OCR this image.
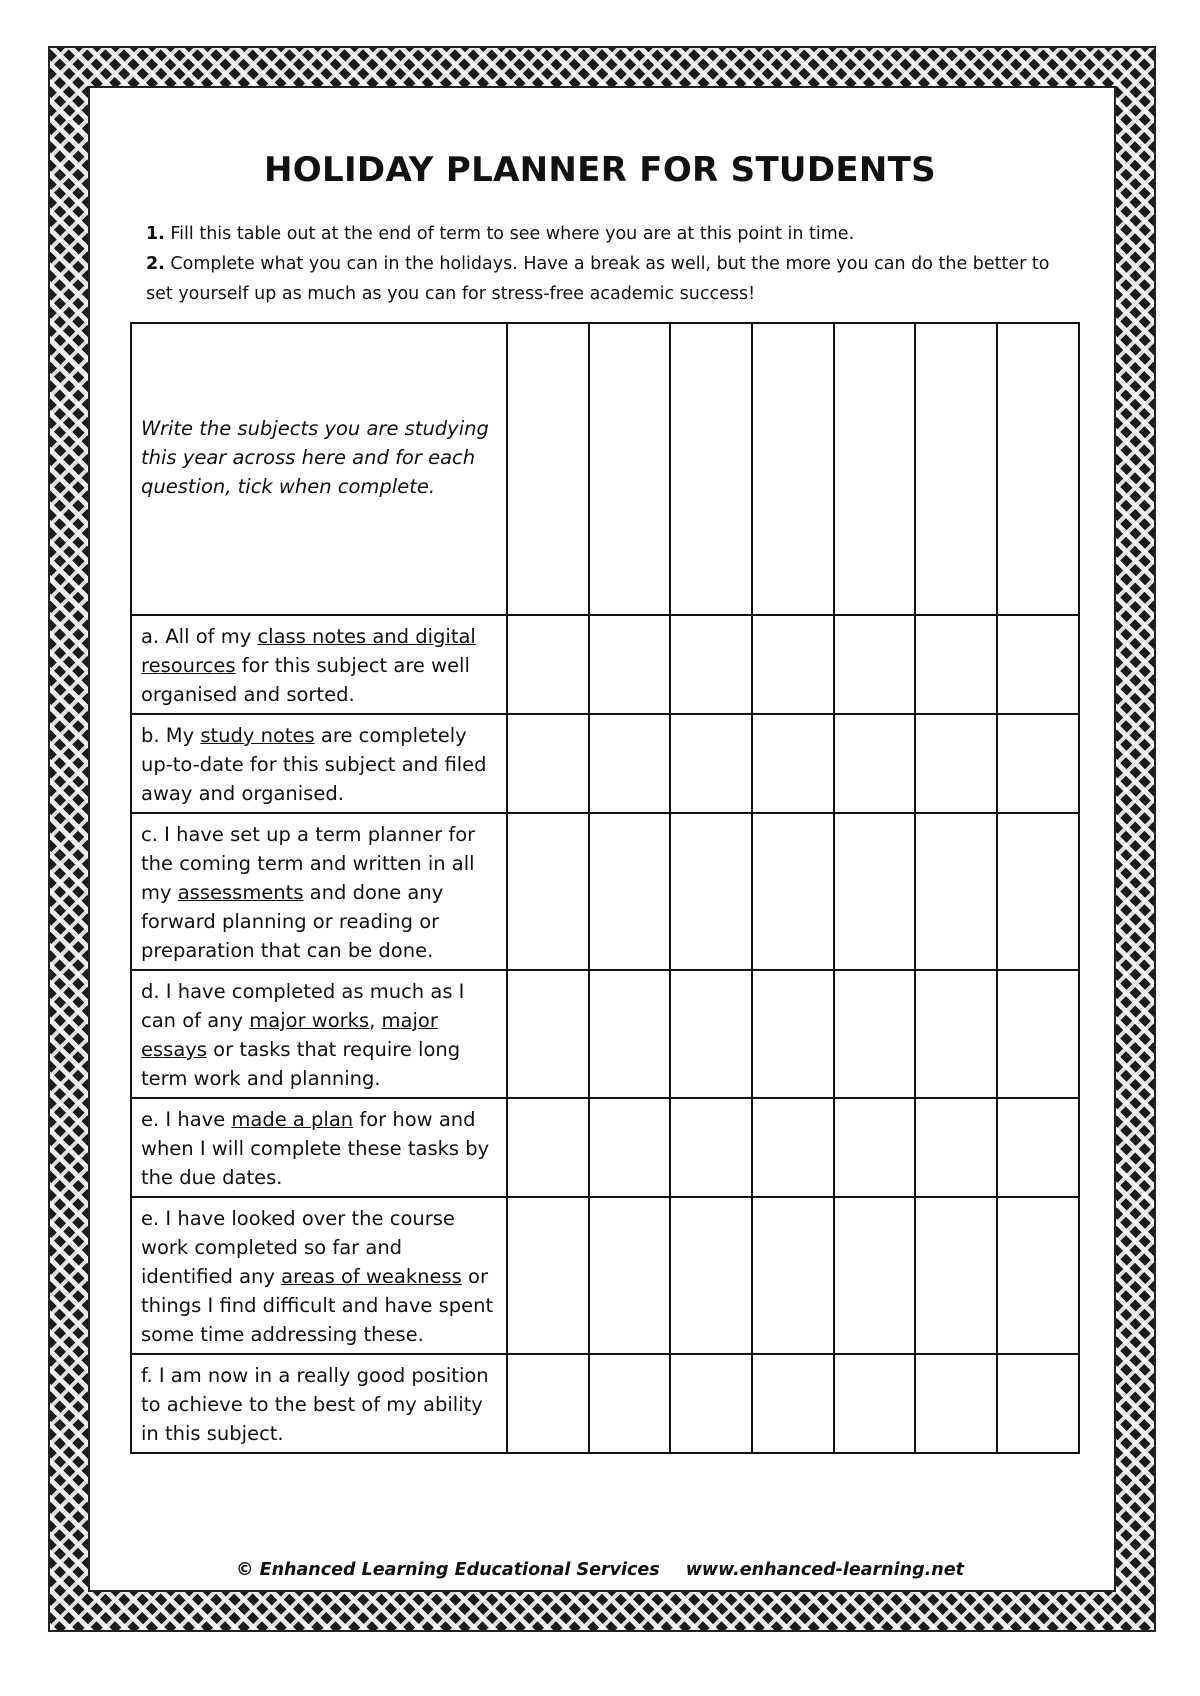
HOLIDAY PLANNER FOR STUDENTS

1. Fill this table out at the end of term to see where you are at this point in time.

2. Complete what you can in the holidays. Have a break as well, but the more you can do the better to set yourself up as much as you can for stress-free academic success!

Write the subjects you are studying this year across here and for each question, tick when complete.							
a. All of my class notes and digital resources for this subject are well organised and sorted.							
b. My study notes are completely up-to-date for this subject and filed away and organised.							
c. I have set up a term planner for the coming term and written in all my assessments and done any forward planning or reading or preparation that can be done.							
d. I have completed as much as I can of any major works, major essays or tasks that require long term work and planning.							
e. I have made a plan for how and when I will complete these tasks by the due dates.							
e. I have looked over the course work completed so far and identified any areas of weakness or things I find difficult and have spent some time addressing these.							
f. I am now in a really good position to achieve to the best of my ability in this subject.							
© Enhanced Learning Educational Services www.enhanced-learning.net
